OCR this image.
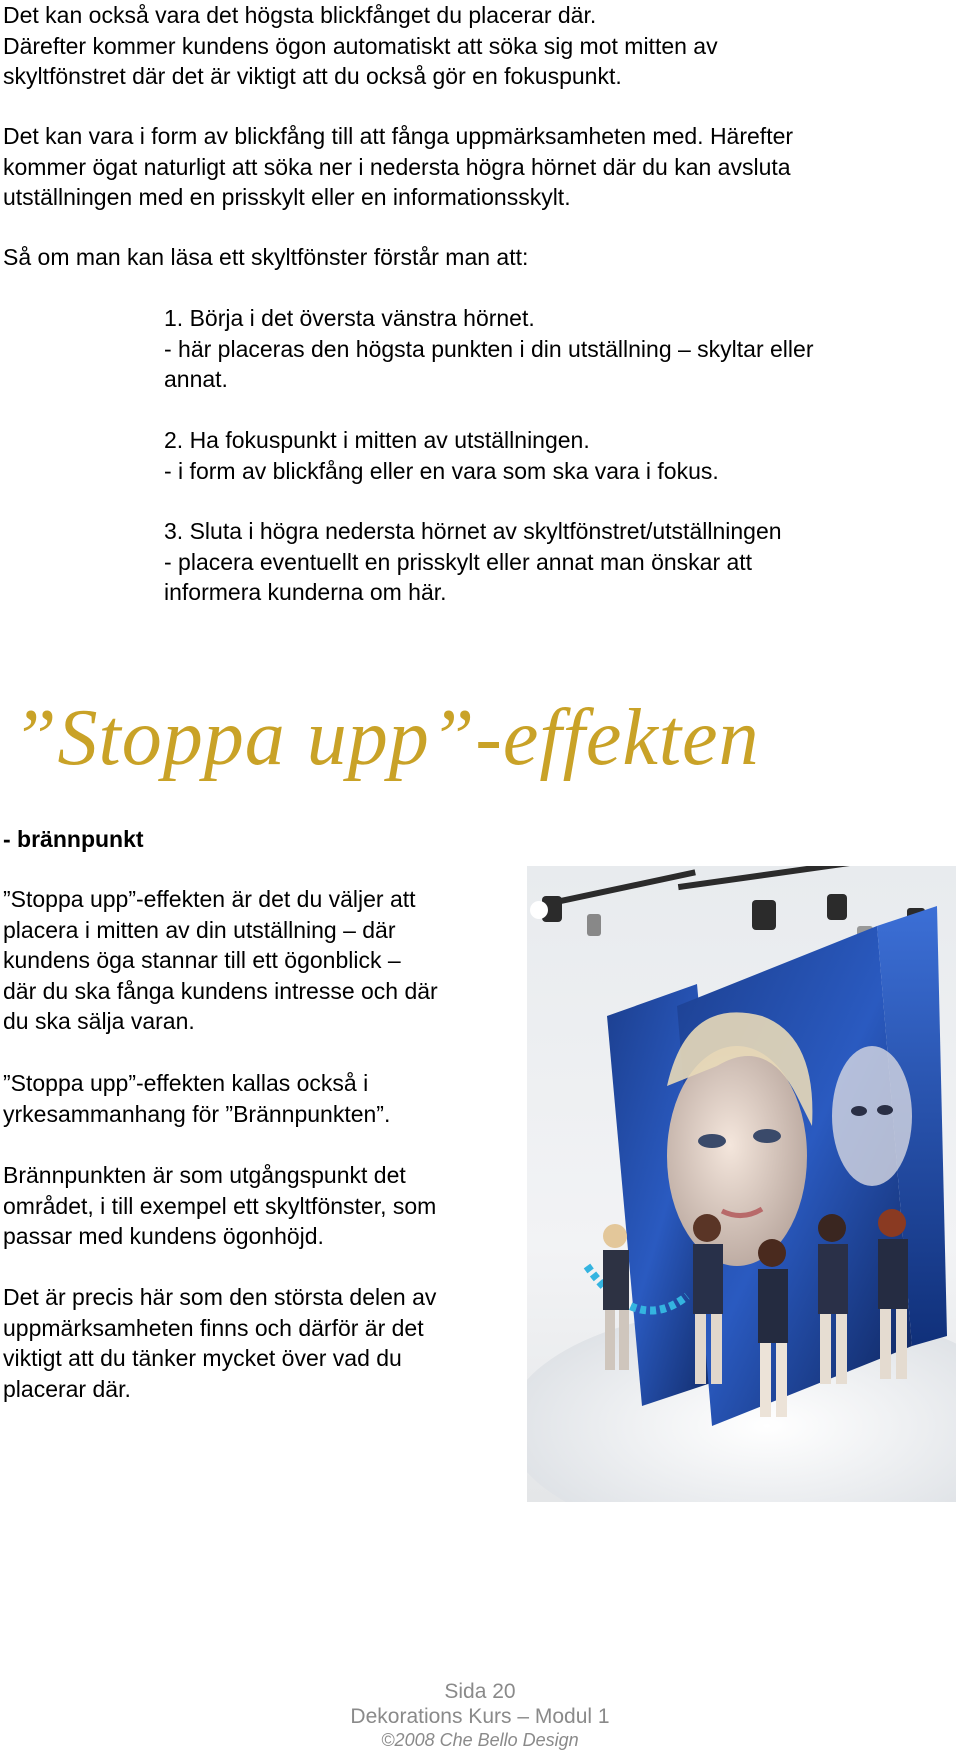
Det kan också vara det högsta blickfånget du placerar där.
Därefter kommer kundens ögon automatiskt att söka sig mot mitten av
skyltfönstret där det är viktigt att du också gör en fokuspunkt.
Det kan vara i form av blickfång till att fånga uppmärksamheten med. Härefter
kommer ögat naturligt att söka ner i nedersta högra hörnet där du kan avsluta
utställningen med en prisskylt eller en informationsskylt.
Så om man kan läsa ett skyltfönster förstår man att:
1. Börja i det översta vänstra hörnet.
- här placeras den högsta punkten i din utställning – skyltar eller
annat.
2. Ha fokuspunkt i mitten av utställningen.
- i form av blickfång eller en vara som ska vara i fokus.
3. Sluta i högra nedersta hörnet av skyltfönstret/utställningen
- placera eventuellt en prisskylt eller annat man önskar att
informera kunderna om här.
”Stoppa upp”-effekten
- brännpunkt
”Stoppa upp”-effekten är det du väljer att
placera i mitten av din utställning – där
kundens öga stannar till ett ögonblick –
där du ska fånga kundens intresse och där
du ska sälja varan.
”Stoppa upp”-effekten kallas också i
yrkesammanhang för ”Brännpunkten”.
Brännpunkten är som utgångspunkt det
området, i till exempel ett skyltfönster, som
passar med kundens ögonhöjd.
Det är precis här som den största delen av
uppmärksamheten finns och därför är det
viktigt att du tänker mycket över vad du
placerar där.
Sida 20
Dekorations Kurs – Modul 1
©2008 Che Bello Design
